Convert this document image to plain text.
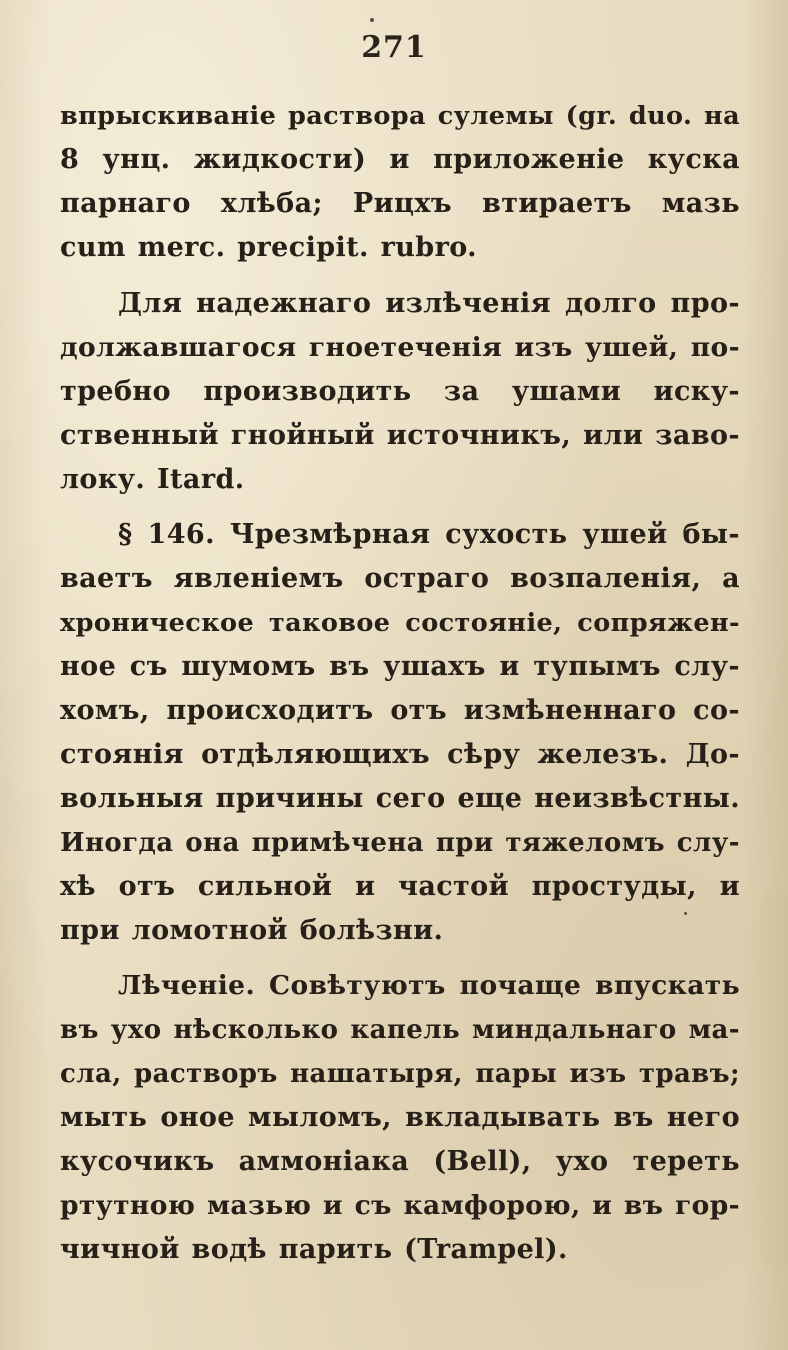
271
впрыскиванiе раствора сулемы (gr. duo. на
8 унц. жидкости) и приложенiе куска
парнаго хлѣба; Рицхъ втираетъ мазь
cum merc. precipit. rubro.
Для надежнаго излѣченiя долго про-
должавшагося гноетеченiя изъ ушей, по-
требно производить за ушами иску-
ственный гнойный источникъ, или заво-
локу. Itard.
§ 146. Чрезмѣрная сухость ушей бы-
ваетъ явленiемъ остраго возпаленiя, а
хроническое таковое состоянiе, сопряжен-
ное съ шумомъ въ ушахъ и тупымъ слу-
хомъ, происходитъ отъ измѣненнаго со-
стоянiя отдѣляющихъ сѣру железъ. До-
вольныя причины сего еще неизвѣстны.
Иногда она примѣчена при тяжеломъ слу-
хѣ отъ сильной и частой простуды, и
при ломотной болѣзни.
Лѣченiе. Совѣтуютъ почаще впускать
въ ухо нѣсколько капель миндальнаго ма-
сла, растворъ нашатыря, пары изъ травъ;
мыть оное мыломъ, вкладывать въ него
кусочикъ аммонiака (Bell), ухо тереть
ртутною мазью и съ камфорою, и въ гор-
чичной водѣ парить (Trampel).
